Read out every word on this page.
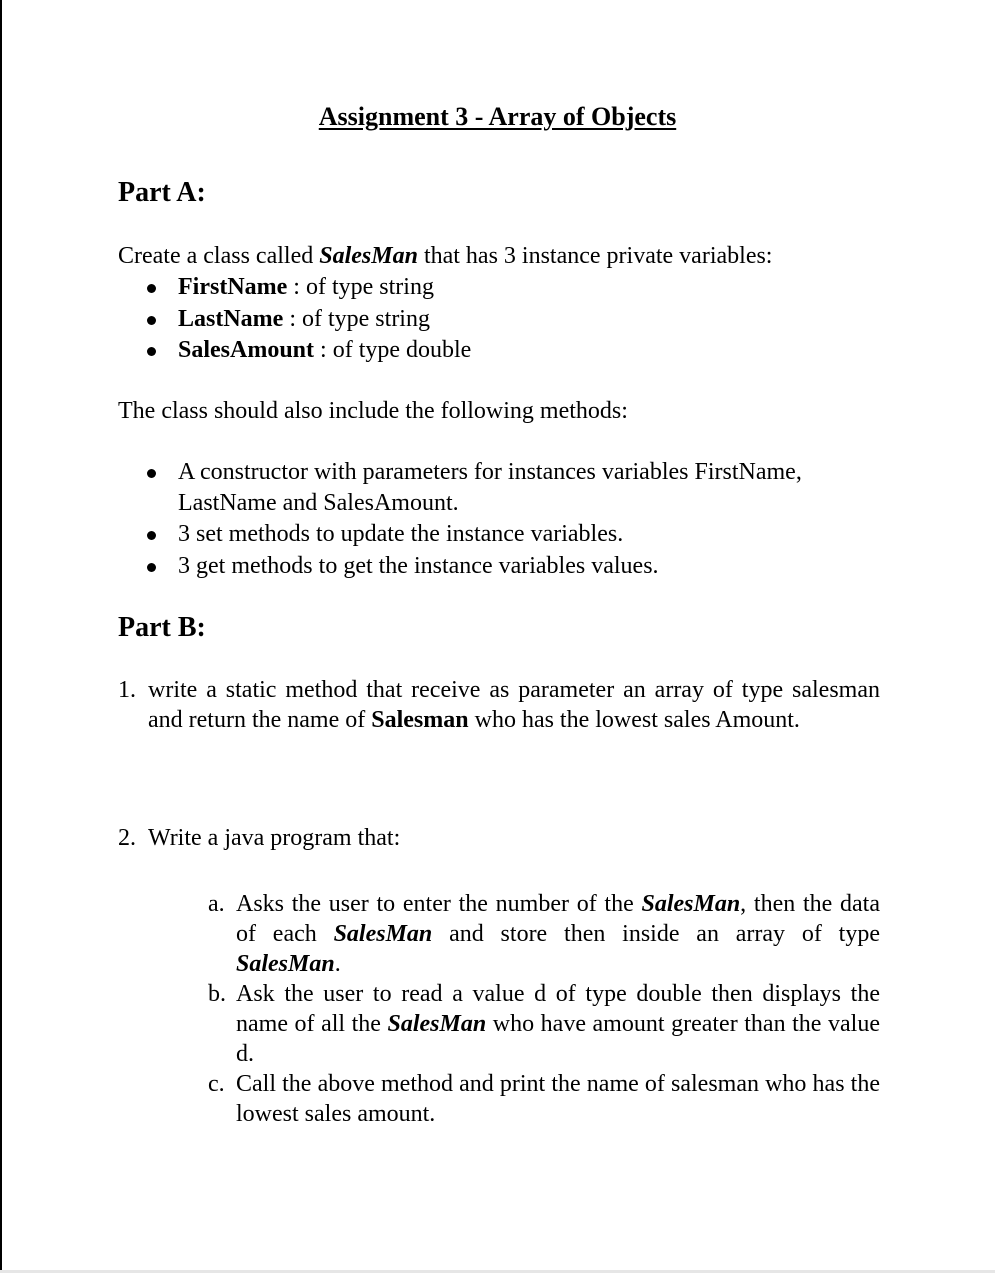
Assignment 3 - Array of Objects
Part A:
Create a class called SalesMan that has 3 instance private variables:
FirstName : of type string
LastName : of type string
SalesAmount : of type double
The class should also include the following methods:
A constructor with parameters for instances variables FirstName, LastName and SalesAmount.
3 set methods to update the instance variables.
3 get methods to get the instance variables values.
Part B:
1. write a static method that receive as parameter an array of type salesman and return the name of Salesman who has the lowest sales Amount.
2. Write a java program that:
a. Asks the user to enter the number of the SalesMan, then the data of each SalesMan and store then inside an array of type SalesMan.
b. Ask the user to read a value d of type double then displays the name of all the SalesMan who have amount greater than the value d.
c. Call the above method and print the name of salesman who has the lowest sales amount.
